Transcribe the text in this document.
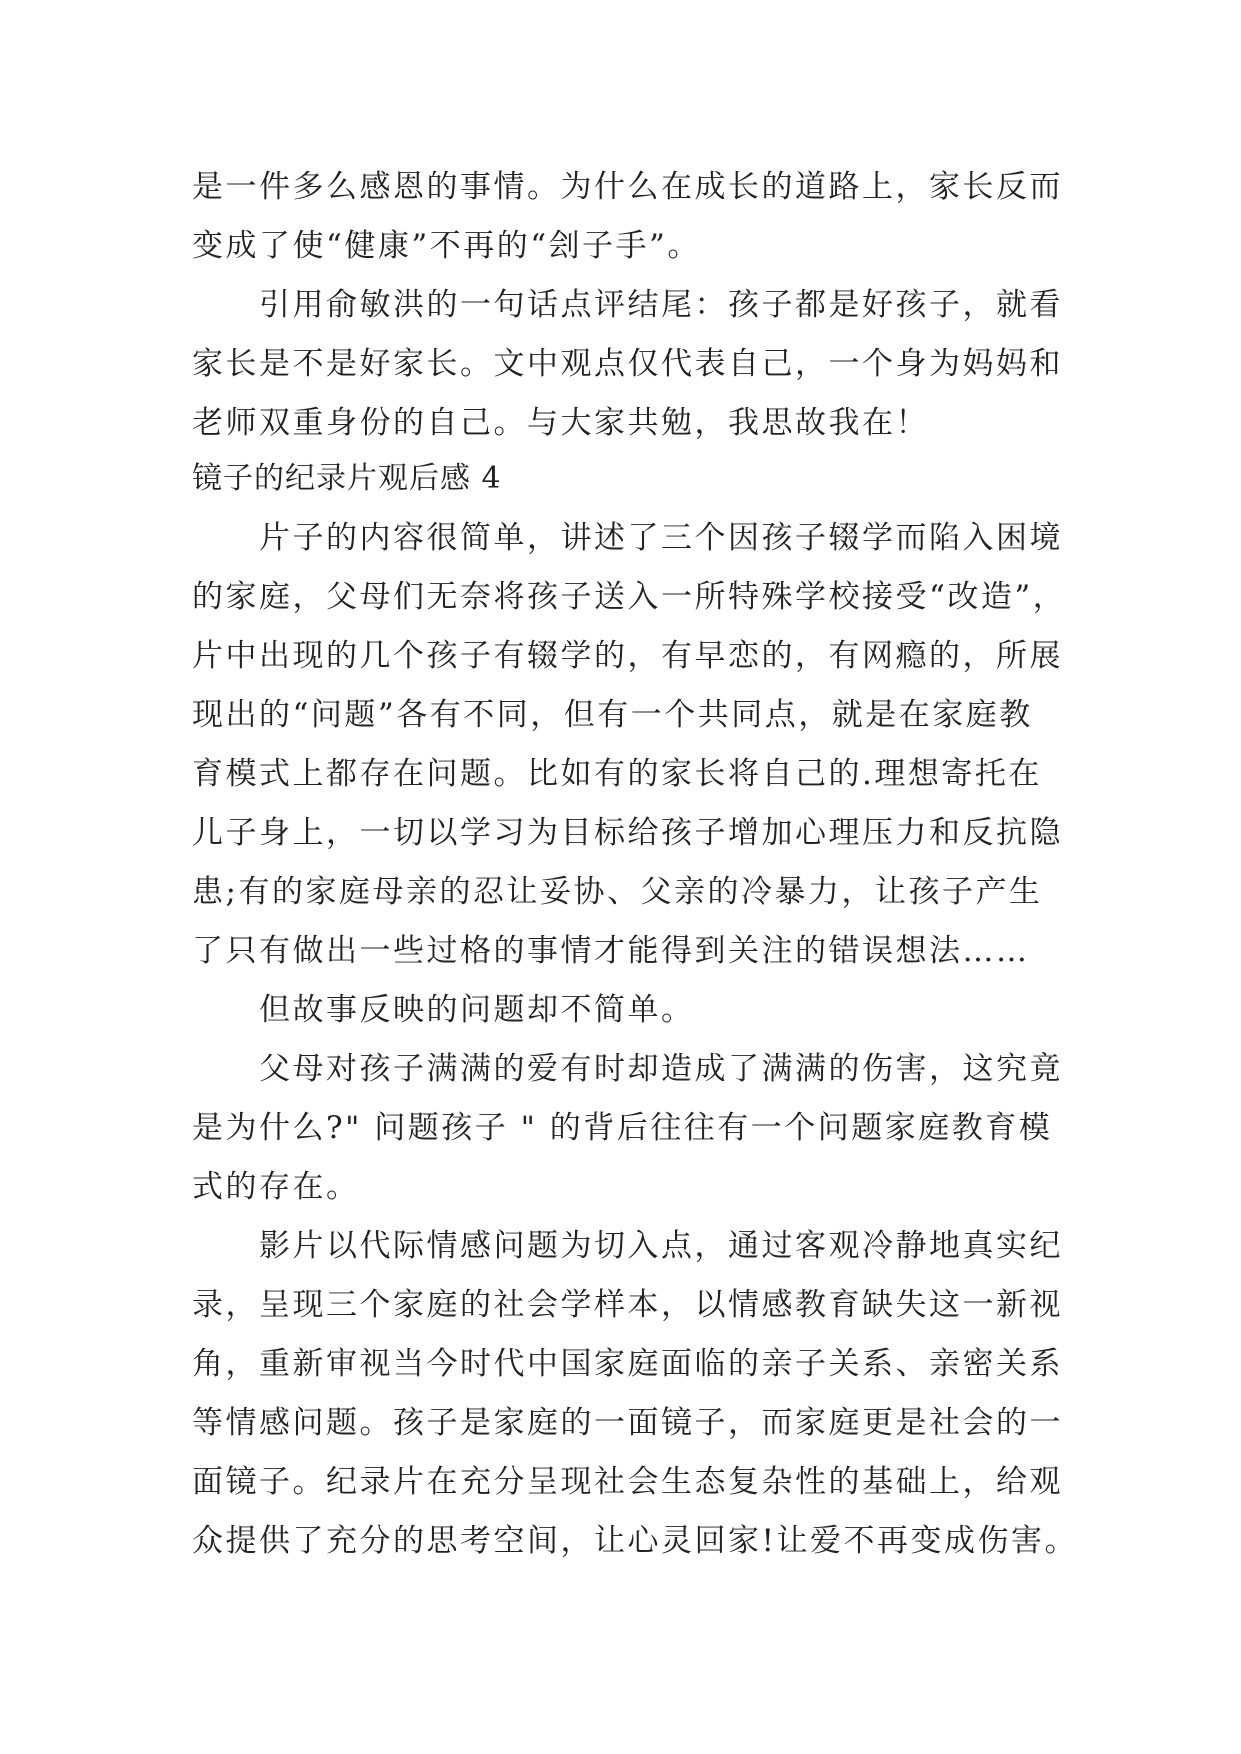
是一件多么感恩的事情。为什么在成长的道路上，家长反而
变成了使“健康”不再的“刽子手”。
　　引用俞敏洪的一句话点评结尾：孩子都是好孩子，就看
家长是不是好家长。文中观点仅代表自己，一个身为妈妈和
老师双重身份的自己。与大家共勉，我思故我在！
镜子的纪录片观后感 4
　　片子的内容很简单，讲述了三个因孩子辍学而陷入困境
的家庭，父母们无奈将孩子送入一所特殊学校接受“改造”，
片中出现的几个孩子有辍学的，有早恋的，有网瘾的，所展
现出的“问题”各有不同，但有一个共同点，就是在家庭教
育模式上都存在问题。比如有的家长将自己的.理想寄托在
儿子身上，一切以学习为目标给孩子增加心理压力和反抗隐
患;有的家庭母亲的忍让妥协、父亲的冷暴力，让孩子产生
了只有做出一些过格的事情才能得到关注的错误想法……
　　但故事反映的问题却不简单。
　　父母对孩子满满的爱有时却造成了满满的伤害，这究竟
是为什么?" 问题孩子 " 的背后往往有一个问题家庭教育模
式的存在。
　　影片以代际情感问题为切入点，通过客观冷静地真实纪
录，呈现三个家庭的社会学样本，以情感教育缺失这一新视
角，重新审视当今时代中国家庭面临的亲子关系、亲密关系
等情感问题。孩子是家庭的一面镜子，而家庭更是社会的一
面镜子。纪录片在充分呈现社会生态复杂性的基础上，给观
众提供了充分的思考空间，让心灵回家!让爱不再变成伤害。
